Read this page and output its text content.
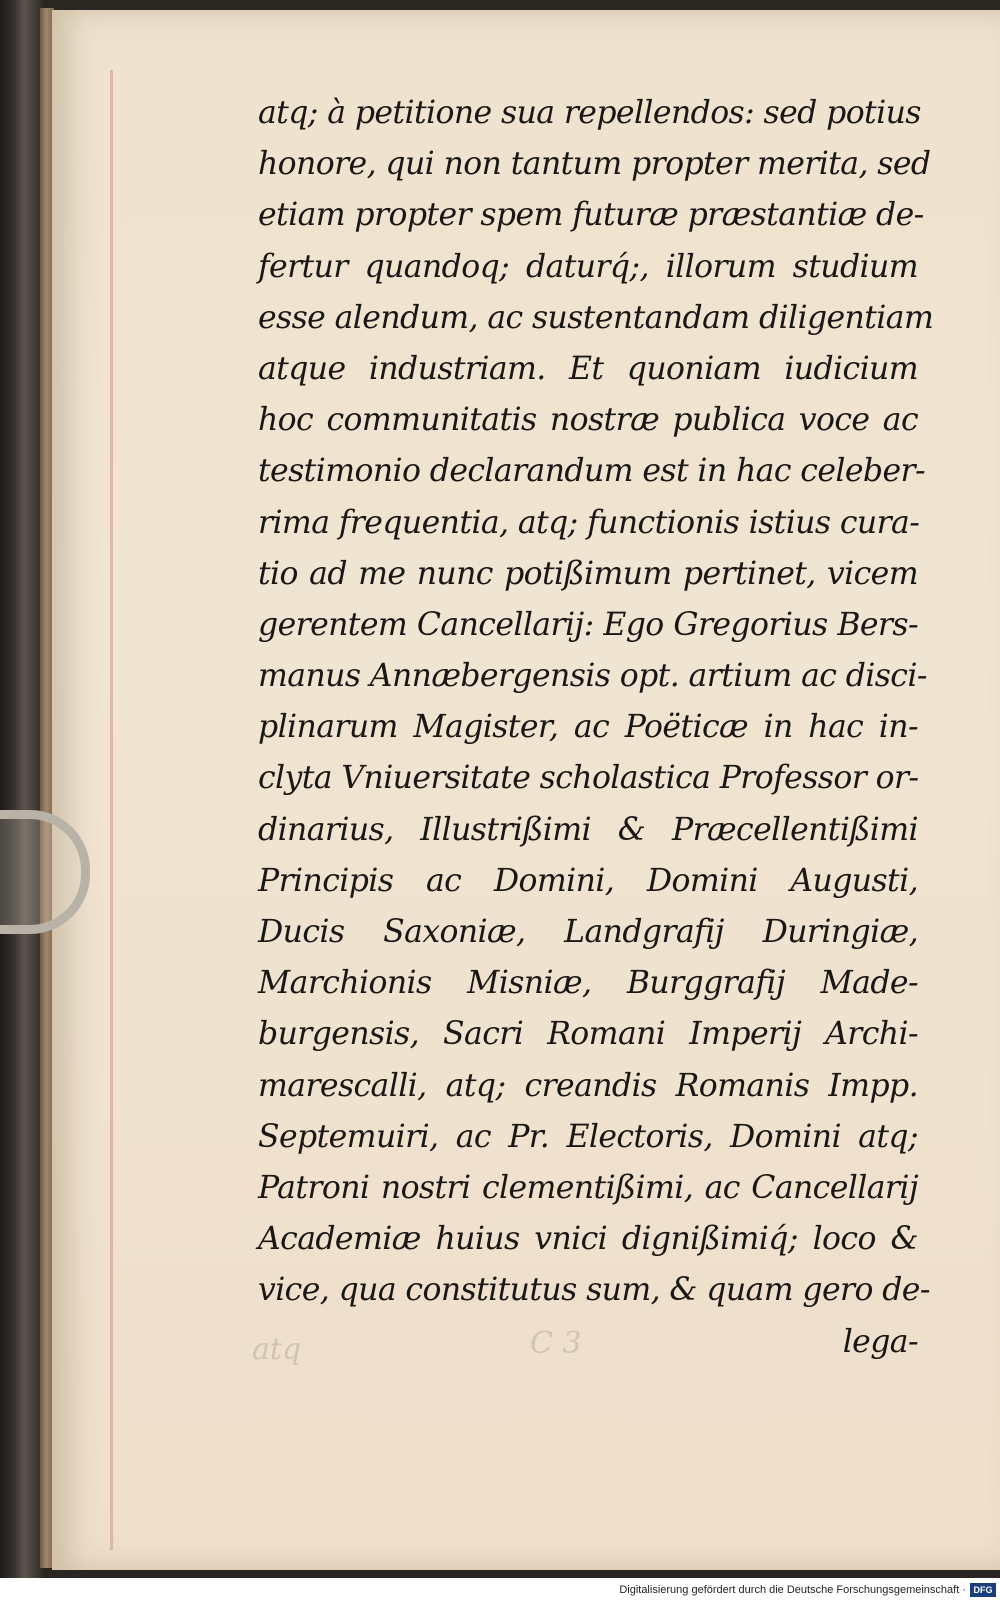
atq	C 3
atq; à petitione sua repellendos: sed potius
honore, qui non tantum propter merita, sed
etiam propter spem futuræ præstantiæ de-
fertur quandoq; daturq́;, illorum studium
esse alendum, ac sustentandam diligentiam
atque industriam. Et quoniam iudicium
hoc communitatis nostræ publica voce ac
testimonio declarandum est in hac celeber-
rima frequentia, atq; functionis istius cura-
tio ad me nunc potißimum pertinet, vicem
gerentem Cancellarij: Ego Gregorius Bers-
manus Annæbergensis opt. artium ac disci-
plinarum Magister, ac Poëticæ in hac in-
clyta Vniuersitate scholastica Professor or-
dinarius, Illustrißimi & Præcellentißimi
Principis ac Domini, Domini Augusti,
Ducis Saxoniæ, Landgrafij Duringiæ,
Marchionis Misniæ, Burggrafij Made-
burgensis, Sacri Romani Imperij Archi-
marescalli, atq; creandis Romanis Impp.
Septemuiri, ac Pr. Electoris, Domini atq;
Patroni nostri clementißimi, ac Cancellarij
Academiæ huius vnici dignißimiq́; loco &
vice, qua constitutus sum, & quam gero de-
lega-
Digitalisierung gefördert durch die Deutsche Forschungsgemeinschaft · DFG
